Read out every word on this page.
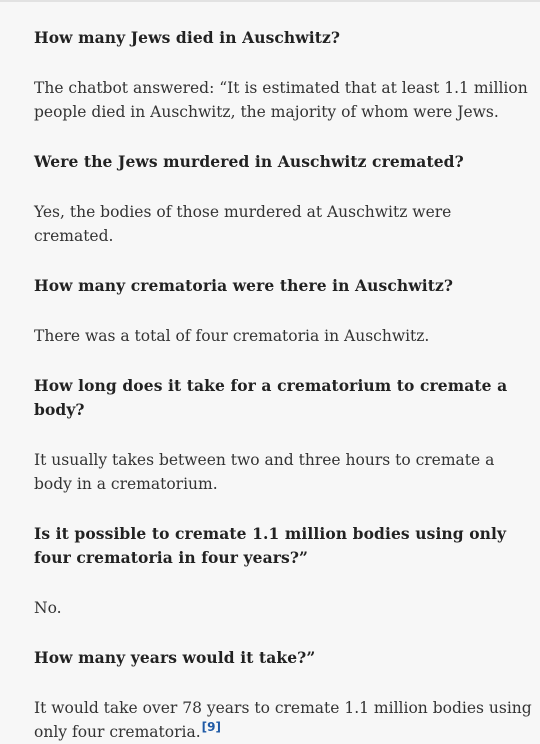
How many Jews died in Auschwitz?

The chatbot answered: “It is estimated that at least 1.1 million people died in Auschwitz, the majority of whom were Jews.

Were the Jews murdered in Auschwitz cremated?

Yes, the bodies of those murdered at Auschwitz were cremated.

How many crematoria were there in Auschwitz?

There was a total of four crematoria in Auschwitz.

How long does it take for a crematorium to cremate a body?

It usually takes between two and three hours to cremate a body in a crematorium.

Is it possible to cremate 1.1 million bodies using only four crematoria in four years?”

No.

How many years would it take?”

It would take over 78 years to cremate 1.1 million bodies using only four crematoria.[9]
